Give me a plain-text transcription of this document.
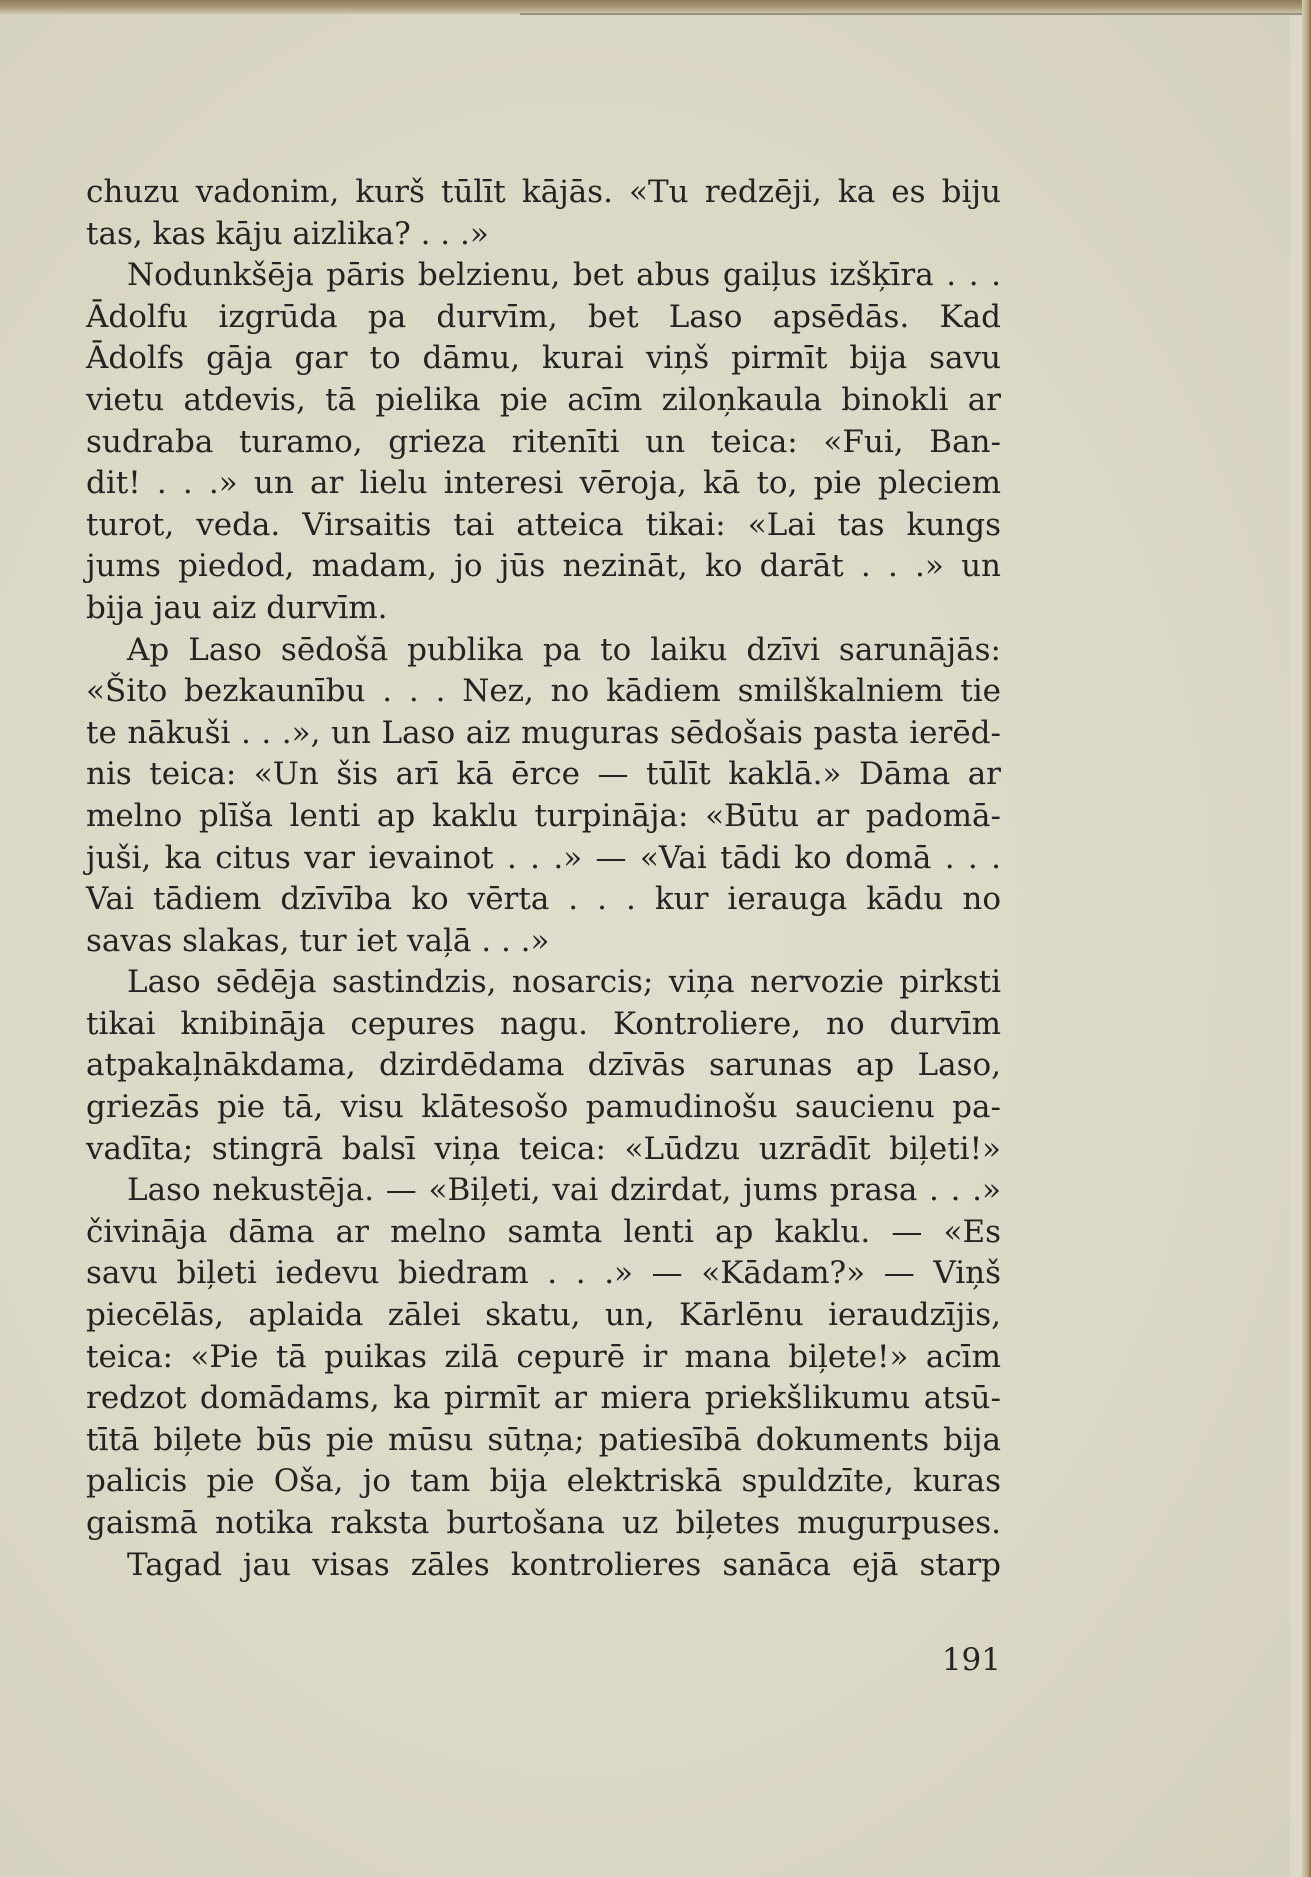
chuzu vadonim, kurš tūlīt kājās. «Tu redzēji, ka es biju
tas, kas kāju aizlika? . . .»
Nodunkšēja pāris belzienu, bet abus gaiļus izšķīra . . .
Ādolfu izgrūda pa durvīm, bet Laso apsēdās. Kad
Ādolfs gāja gar to dāmu, kurai viņš pirmīt bija savu
vietu atdevis, tā pielika pie acīm ziloņkaula binokli ar
sudraba turamo, grieza ritenīti un teica: «Fui, Ban-
dit! . . .» un ar lielu interesi vēroja, kā to, pie pleciem
turot, veda. Virsaitis tai atteica tikai: «Lai tas kungs
jums piedod, madam, jo jūs nezināt, ko darāt . . .» un
bija jau aiz durvīm.
Ap Laso sēdošā publika pa to laiku dzīvi sarunājās:
«Šito bezkaunību . . . Nez, no kādiem smilškalniem tie
te nākuši . . .», un Laso aiz muguras sēdošais pasta ierēd-
nis teica: «Un šis arī kā ērce — tūlīt kaklā.» Dāma ar
melno plīša lenti ap kaklu turpināja: «Būtu ar padomā-
juši, ka citus var ievainot . . .» — «Vai tādi ko domā . . .
Vai tādiem dzīvība ko vērta . . . kur ierauga kādu no
savas slakas, tur iet vaļā . . .»
Laso sēdēja sastindzis, nosarcis; viņa nervozie pirksti
tikai knibināja cepures nagu. Kontroliere, no durvīm
atpakaļnākdama, dzirdēdama dzīvās sarunas ap Laso,
griezās pie tā, visu klātesošo pamudinošu saucienu pa-
vadīta; stingrā balsī viņa teica: «Lūdzu uzrādīt biļeti!»
Laso nekustēja. — «Biļeti, vai dzirdat, jums prasa . . .»
čivināja dāma ar melno samta lenti ap kaklu. — «Es
savu biļeti iedevu biedram . . .» — «Kādam?» — Viņš
piecēlās, aplaida zālei skatu, un, Kārlēnu ieraudzījis,
teica: «Pie tā puikas zilā cepurē ir mana biļete!» acīm
redzot domādams, ka pirmīt ar miera priekšlikumu atsū-
tītā biļete būs pie mūsu sūtņa; patiesībā dokuments bija
palicis pie Oša, jo tam bija elektriskā spuldzīte, kuras
gaismā notika raksta burtošana uz biļetes mugurpuses.
Tagad jau visas zāles kontrolieres sanāca ejā starp
191
